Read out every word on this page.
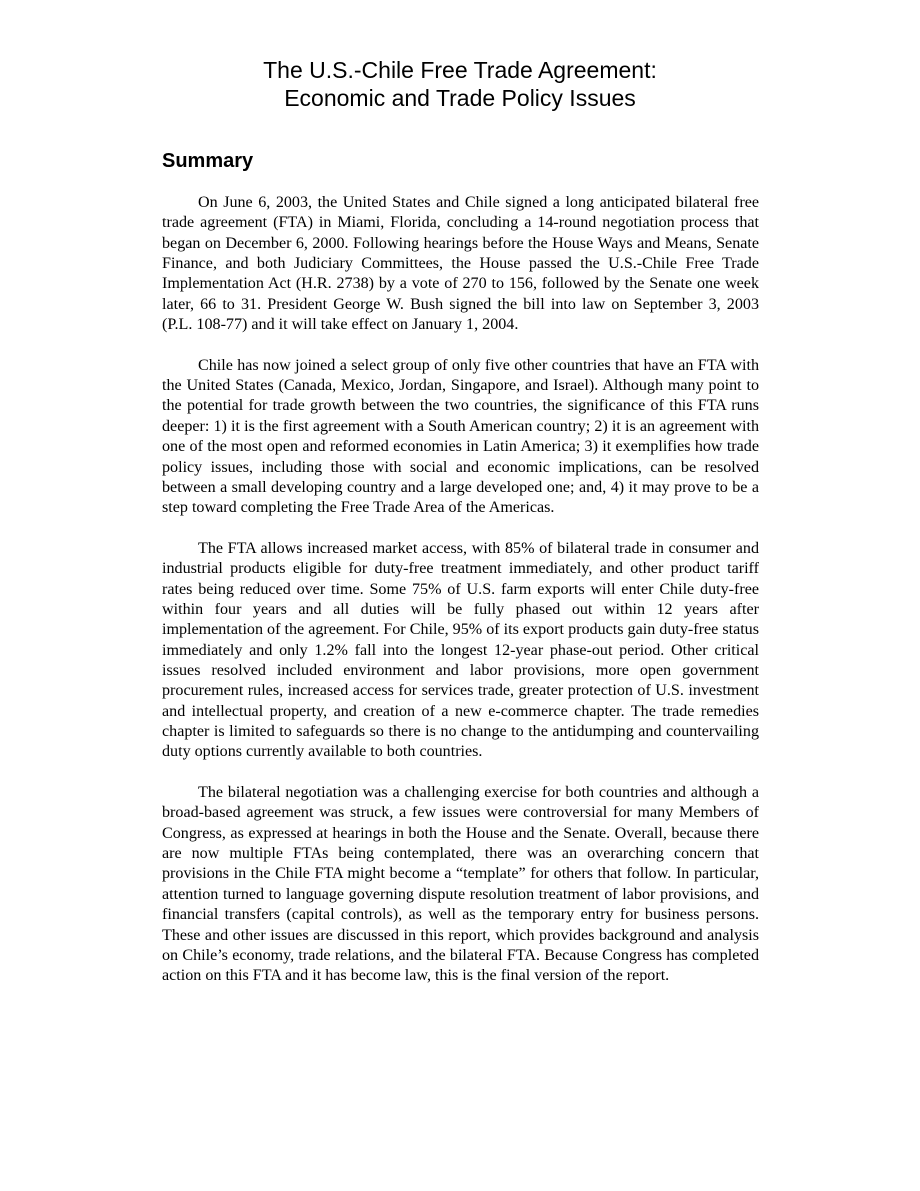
The U.S.-Chile Free Trade Agreement:
Economic and Trade Policy Issues
Summary

On June 6, 2003, the United States and Chile signed a long anticipated bilateral free trade agreement (FTA) in Miami, Florida, concluding a 14-round negotiation process that began on December 6, 2000. Following hearings before the House Ways and Means, Senate Finance, and both Judiciary Committees, the House passed the U.S.-Chile Free Trade Implementation Act (H.R. 2738) by a vote of 270 to 156, followed by the Senate one week later, 66 to 31. President George W. Bush signed the bill into law on September 3, 2003 (P.L. 108-77) and it will take effect on January 1, 2004.

Chile has now joined a select group of only five other countries that have an FTA with the United States (Canada, Mexico, Jordan, Singapore, and Israel). Although many point to the potential for trade growth between the two countries, the significance of this FTA runs deeper: 1) it is the first agreement with a South American country; 2) it is an agreement with one of the most open and reformed economies in Latin America; 3) it exemplifies how trade policy issues, including those with social and economic implications, can be resolved between a small developing country and a large developed one; and, 4) it may prove to be a step toward completing the Free Trade Area of the Americas.

The FTA allows increased market access, with 85% of bilateral trade in consumer and industrial products eligible for duty-free treatment immediately, and other product tariff rates being reduced over time. Some 75% of U.S. farm exports will enter Chile duty-free within four years and all duties will be fully phased out within 12 years after implementation of the agreement. For Chile, 95% of its export products gain duty-free status immediately and only 1.2% fall into the longest 12-year phase-out period. Other critical issues resolved included environment and labor provisions, more open government procurement rules, increased access for services trade, greater protection of U.S. investment and intellectual property, and creation of a new e-commerce chapter. The trade remedies chapter is limited to safeguards so there is no change to the antidumping and countervailing duty options currently available to both countries.

The bilateral negotiation was a challenging exercise for both countries and although a broad-based agreement was struck, a few issues were controversial for many Members of Congress, as expressed at hearings in both the House and the Senate. Overall, because there are now multiple FTAs being contemplated, there was an overarching concern that provisions in the Chile FTA might become a “template” for others that follow. In particular, attention turned to language governing dispute resolution treatment of labor provisions, and financial transfers (capital controls), as well as the temporary entry for business persons. These and other issues are discussed in this report, which provides background and analysis on Chile’s economy, trade relations, and the bilateral FTA. Because Congress has completed action on this FTA and it has become law, this is the final version of the report.
